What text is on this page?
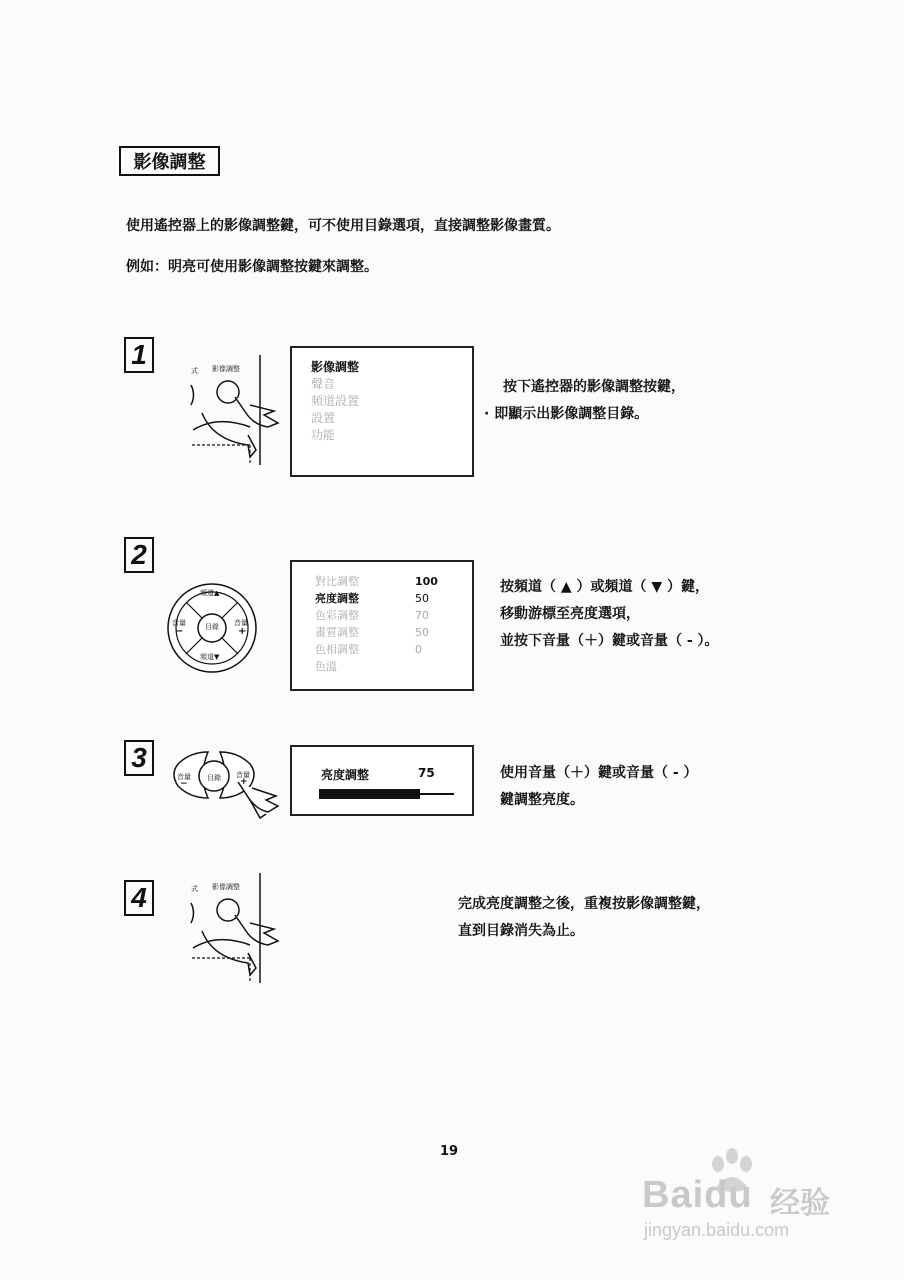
影像調整
使用遙控器上的影像調整鍵，可不使用目錄選項，直接調整影像畫質。
例如：明亮可使用影像調整按鍵來調整。
1
式 影像調整	影像調整
聲音
頻道設置
設置
功能
按下遙控器的影像調整按鍵，
· 即顯示出影像調整目錄。
2
頻道▲
頻道▼
音量
−
音量
+
目錄
對比調整	100
亮度調整	50
色彩調整	70
畫質調整	50
色相調整	0
色溫
按頻道（ ▲ ）或頻道（ ▼ ）鍵，
移動游標至亮度選項，
並按下音量（＋）鍵或音量（ - ）。
3
音量
−
目錄 音量
+	亮度調整	75	使用音量（＋）鍵或音量（ - ）
鍵調整亮度。
4	式 影像調整
完成亮度調整之後，重複按影像調整鍵，
直到目錄消失為止。
19
Baidu 经验
jingyan.baidu.com
